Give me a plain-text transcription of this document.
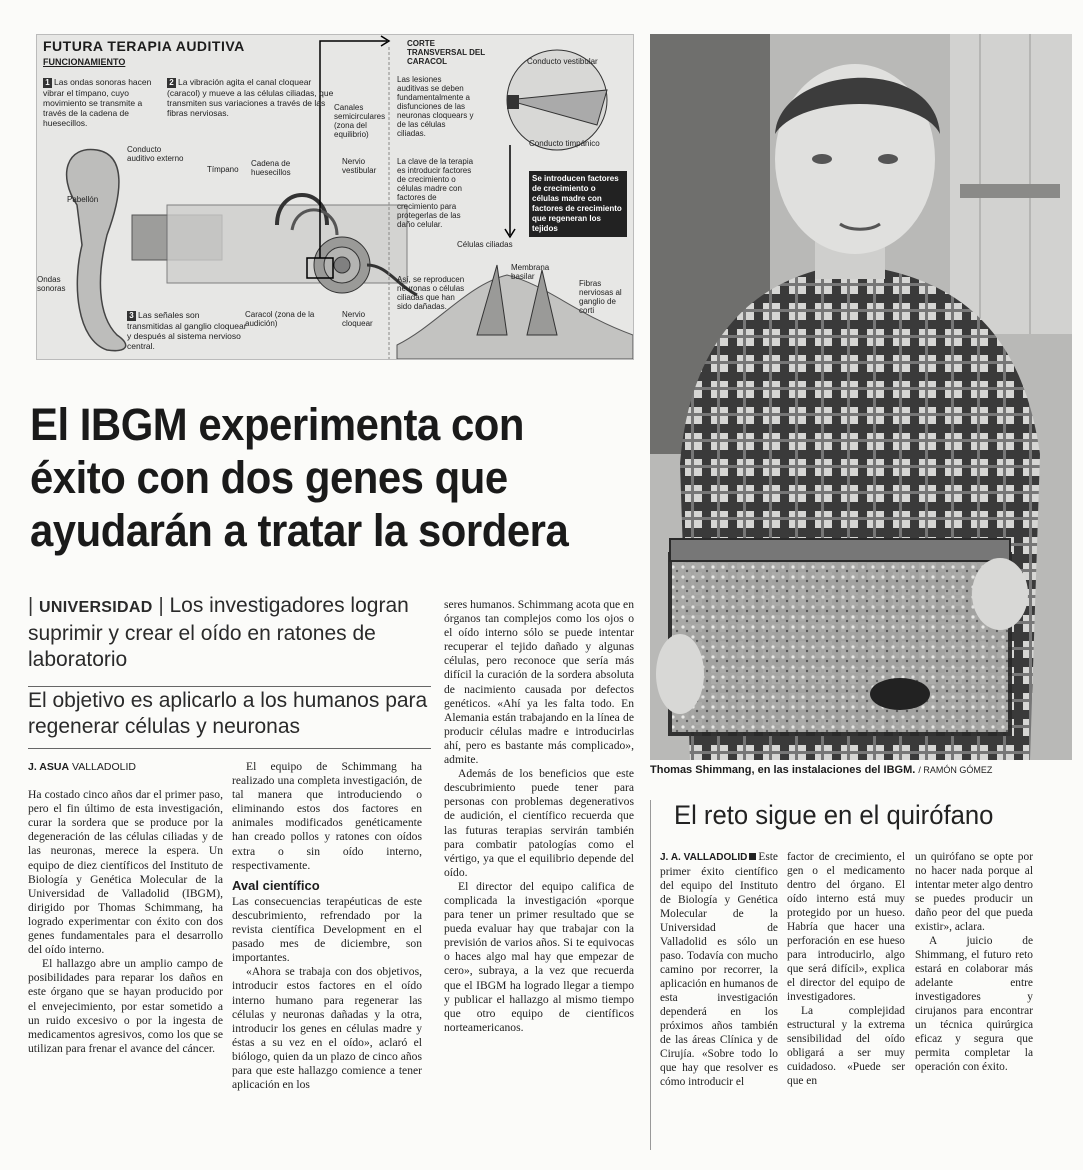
FUTURA TERAPIA AUDITIVA
FUNCIONAMIENTO
1 Las ondas sonoras hacen vibrar el tímpano, cuyo movimiento se transmite a través de la cadena de huesecillos.
2 La vibración agita el canal cloquear (caracol) y mueve a las células ciliadas, que transmiten sus variaciones a través de las fibras nerviosas.
3 Las señales son transmitidas al ganglio cloquear y después al sistema nervioso central.
Pabellón
Conducto auditivo externo
Tímpano
Cadena de huesecillos
Canales semicirculares (zona del equilibrio)
Nervio vestibular
Ondas sonoras
Caracol (zona de la audición)
Nervio cloquear
CORTE TRANSVERSAL DEL CARACOL	Conducto vestibular
Conducto timpánico
Las lesiones auditivas se deben fundamentalmente a disfunciones de las neuronas cloquears y de las células ciliadas.
La clave de la terapia es introducir factores de crecimiento o células madre con factores de crecimiento para protegerlas de las daño celular.
Células ciliadas
Membrana basilar
Fibras nerviosas al ganglio de corti
Así, se reproducen neuronas o células ciliadas que han sido dañadas.
Se introducen factores de crecimiento o células madre con factores de crecimiento que regeneran los tejidos
Thomas Shimmang, en las instalaciones del IBGM. / RAMÓN GÓMEZ
El IBGM experimenta con éxito con dos genes que ayudarán a tratar la sordera
| UNIVERSIDAD | Los investigadores logran suprimir y crear el oído en ratones de laboratorio
El objetivo es aplicarlo a los humanos para regenerar células y neuronas
J. ASUA VALLADOLID

Ha costado cinco años dar el primer paso, pero el fin último de esta investigación, curar la sordera que se produce por la degeneración de las células ciliadas y de las neuronas, merece la espera. Un equipo de diez científicos del Instituto de Biología y Genética Molecular de la Universidad de Valladolid (IBGM), dirigido por Thomas Schimmang, ha logrado experimentar con éxito con dos genes fundamentales para el desarrollo del oído interno.

El hallazgo abre un amplio campo de posibilidades para reparar los daños en este órgano que se hayan producido por el envejecimiento, por estar sometido a un ruido excesivo o por la ingesta de medicamentos agresivos, como los que se utilizan para frenar el avance del cáncer.

El equipo de Schimmang ha realizado una completa investigación, de tal manera que introduciendo o eliminando estos dos factores en animales modificados genéticamente han creado pollos y ratones con oídos extra o sin oído interno, respectivamente.

Aval científico

Las consecuencias terapéuticas de este descubrimiento, refrendado por la revista científica Development en el pasado mes de diciembre, son importantes.

«Ahora se trabaja con dos objetivos, introducir estos factores en el oído interno humano para regenerar las células y neuronas dañadas y la otra, introducir los genes en células madre y éstas a su vez en el oído», aclaró el biólogo, quien da un plazo de cinco años para que este hallazgo comience a tener aplicación en los

seres humanos. Schimmang acota que en órganos tan complejos como los ojos o el oído interno sólo se puede intentar recuperar el tejido dañado y algunas células, pero reconoce que sería más difícil la curación de la sordera absoluta de nacimiento causada por defectos genéticos. «Ahí ya les falta todo. En Alemania están trabajando en la línea de producir células madre e introducirlas ahí, pero es bastante más complicado», admite.

Además de los beneficios que este descubrimiento puede tener para personas con problemas degenerativos de audición, el científico recuerda que las futuras terapias servirán también para combatir patologías como el vértigo, ya que el equilibrio depende del oído.

El director del equipo califica de complicada la investigación «porque para tener un primer resultado que se pueda evaluar hay que trabajar con la previsión de varios años. Si te equivocas o haces algo mal hay que empezar de cero», subraya, a la vez que recuerda que el IBGM ha logrado llegar a tiempo y publicar el hallazgo al mismo tiempo que otro equipo de científicos norteamericanos.

El reto sigue en el quirófano

J. A. VALLADOLID Este primer éxito científico del equipo del Instituto de Biología y Genética Molecular de la Universidad de Valladolid es sólo un paso. Todavía con mucho camino por recorrer, la aplicación en humanos de esta investigación dependerá en los próximos años también de las áreas Clínica y de Cirujía. «Sobre todo lo que hay que resolver es cómo introducir el

factor de crecimiento, el gen o el medicamento dentro del órgano. El oído interno está muy protegido por un hueso. Habría que hacer una perforación en ese hueso para introducirlo, algo que será difícil», explica el director del equipo de investigadores.

La complejidad estructural y la extrema sensibilidad del oído obligará a ser muy cuidadoso. «Puede ser que en

un quirófano se opte por no hacer nada porque al intentar meter algo dentro se puedes producir un daño peor del que pueda existir», aclara.

A juicio de Shimmang, el futuro reto estará en colaborar más adelante entre investigadores y cirujanos para encontrar un técnica quirúrgica eficaz y segura que permita completar la operación con éxito.
